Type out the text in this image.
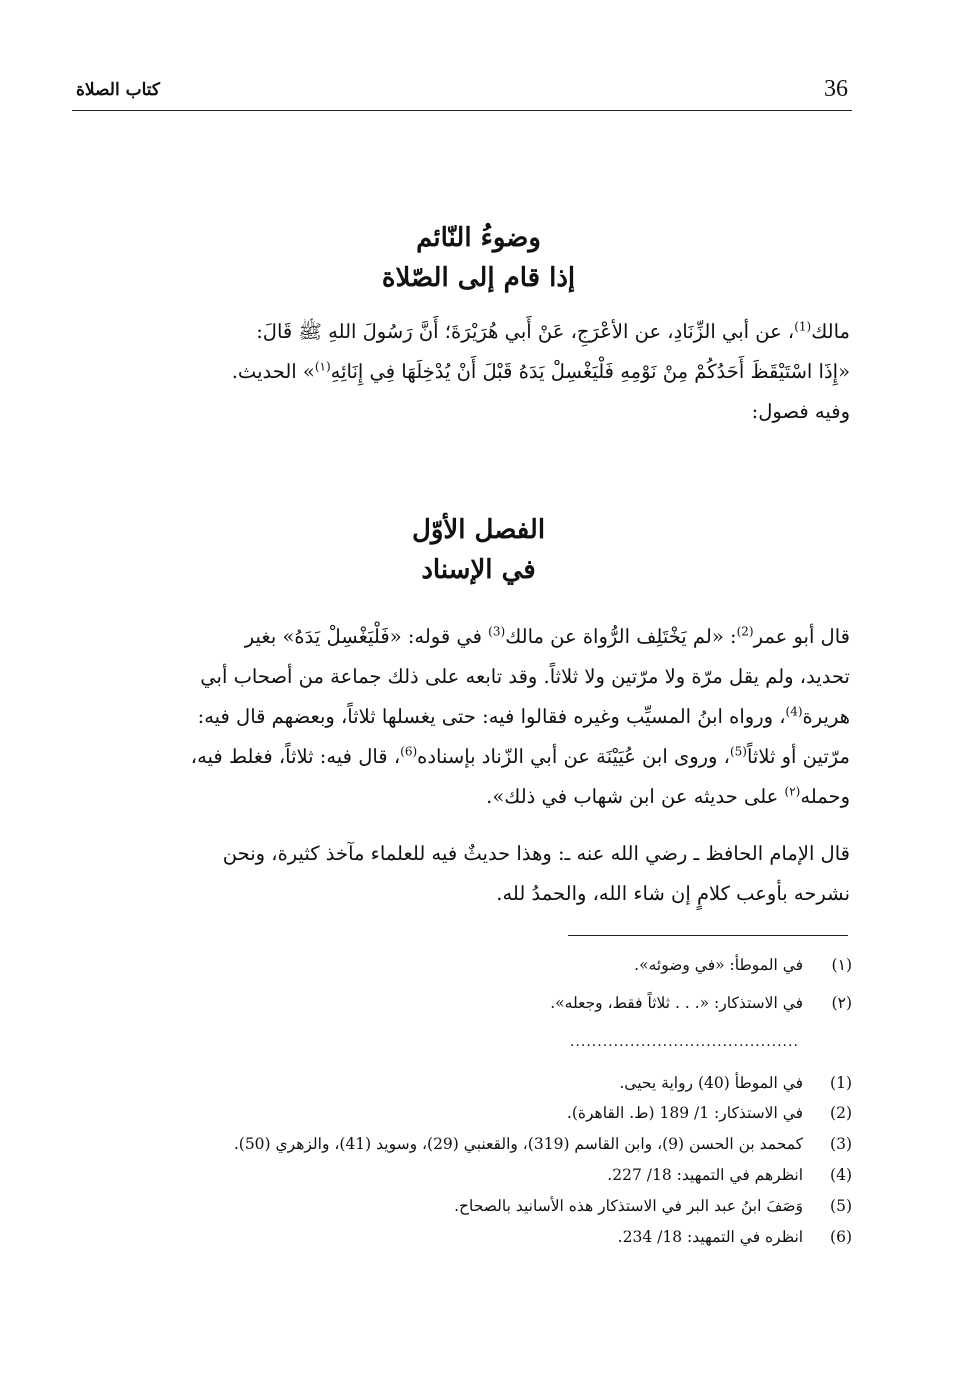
36
كتاب الصلاة
وضوءُ النّائم
إذا قام إلى الصّلاة
مالك$^{(1)}$، عن أبي الزِّنَادِ، عن الأعْرَجِ، عَنْ أَبي هُرَيْرَةَ؛ أَنَّ رَسُولَ اللهِ ﷺ قَالَ:
«إِذَا اسْتَيْقَظَ أَحَدُكُمْ مِنْ نَوْمِهِ فَلْيَغْسِلْ يَدَهُ قَبْلَ أَنْ يُدْخِلَهَا فِي إِنَائِهِ$^{(١)}$» الحديث.
وفيه فصول:
الفصل الأوّل
في الإسناد
قال أبو عمر$^{(2)}$: «لم يَخْتَلِف الرُّواة عن مالك$^{(3)}$ في قوله: «فَلْيَغْسِلْ يَدَهُ» بغير
تحديد، ولم يقل مرّة ولا مرّتين ولا ثلاثاً. وقد تابعه على ذلك جماعة من أصحاب أبي
هريرة$^{(4)}$، ورواه ابنُ المسيِّب وغيره فقالوا فيه: حتى يغسلها ثلاثاً، وبعضهم قال فيه:
مرّتين أو ثلاثاً$^{(5)}$، وروى ابن عُيَيْنَة عن أبي الزّناد بإسناده$^{(6)}$، قال فيه: ثلاثاً، فغلط فيه،
وحمله$^{(٢)}$ على حديثه عن ابن شهاب في ذلك».
قال الإمام الحافظ ـ رضي الله عنه ـ: وهذا حديثٌ فيه للعلماء مآخذ كثيرة، ونحن
نشرحه بأوعب كلامٍ إن شاء الله، والحمدُ لله.
(١) في الموطأ: «في وضوئه».
(٢) في الاستذكار: «. . . ثلاثاً فقط، وجعله».
..........................................
(1) في الموطأ (40) رواية يحيى.
(2) في الاستذكار: 1/ 189 (ط. القاهرة).
(3) كمحمد بن الحسن (9)، وابن القاسم (319)، والقعنبي (29)، وسويد (41)، والزهري (50).
(4) انظرهم في التمهيد: 18/ 227.
(5) وَصَفَ ابنُ عبد البر في الاستذكار هذه الأسانيد بالصحاح.
(6) انظره في التمهيد: 18/ 234.
